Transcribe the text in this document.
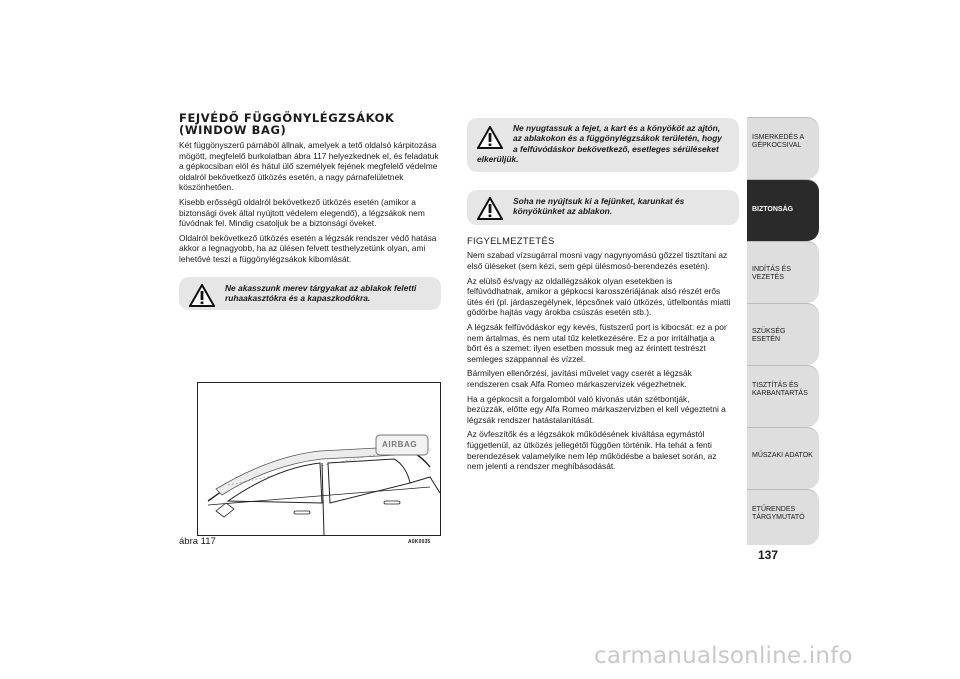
FEJVÉDŐ FÜGGÖNYLÉGZSÁKOK
(WINDOW BAG)

Két függönyszerű párnából állnak, amelyek a tető oldalsó kárpitozása
mögött, megfelelő burkolatban ábra 117 helyezkednek el, és feladatuk
a gépkocsiban elöl és hátul ülő személyek fejének megfelelő védelme
oldalról bekövetkező ütközés esetén, a nagy párnafelületnek
köszönhetően.

Kisebb erősségű oldalról bekövetkező ütközés esetén (amikor a
biztonsági övek által nyújtott védelem elegendő), a légzsákok nem
fúvódnak fel. Mindig csatoljuk be a biztonsági öveket.

Oldalról bekövetkező ütközés esetén a légzsák rendszer védő hatása
akkor a legnagyobb, ha az ülésen felvett testhelyzetünk olyan, ami
lehetővé teszi a függönylégzsákok kibomlását.

Ne akasszunk merev tárgyakat az ablakok feletti
ruhaakasztókra és a kapaszkodókra.
AIRBAG
ábra 117	A0K0035
Ne nyugtassuk a fejet, a kart és a könyököt az ajtón,
az ablakokon és a függönylégzsákok területén, hogy
a felfúvódáskor bekövetkező, esetleges sérüléseket
elkerüljük.
Soha ne nyújtsuk ki a fejünket, karunkat és
könyökünket az ablakon.
FIGYELMEZTETÉS

Nem szabad vízsugárral mosni vagy nagynyomású gőzzel tisztítani az
első üléseket (sem kézi, sem gépi ülésmosó-berendezés esetén).

Az elülső és/vagy az oldallégzsákok olyan esetekben is
felfúvódhatnak, amikor a gépkocsi karosszériájának alsó részét erős
ütés éri (pl. járdaszegélynek, lépcsőnek való ütközés, útfelbontás miatti
gödörbe hajtás vagy árokba csúszás esetén stb.).

A légzsák felfúvódáskor egy kevés, füstszerű port is kibocsát: ez a por
nem ártalmas, és nem utal tűz keletkezésére. Ez a por irritálhatja a
bőrt és a szemet: ilyen esetben mossuk meg az érintett testrészt
semleges szappannal és vízzel.

Bármilyen ellenőrzési, javítási művelet vagy cserét a légzsák
rendszeren csak Alfa Romeo márkaszervizek végezhetnek.

Ha a gépkocsit a forgalomból való kivonás után szétbontják,
bezúzzák, előtte egy Alfa Romeo márkaszervizben el kell végeztetni a
légzsák rendszer hatástalanítását.

Az övfeszítők és a légzsákok működésének kiváltása egymástól
függetlenül, az ütközés jellegétől függően történik. Ha tehát a fenti
berendezések valamelyike nem lép működésbe a baleset során, az
nem jelenti a rendszer meghibásodását.

ISMERKEDÉS A
GÉPKOCSIVAL
BIZTONSÁG
INDÍTÁS ÉS VEZETÉS
SZÜKSÉG ESETÉN
TISZTÍTÁS ÉS
KARBANTARTÁS
MŰSZAKI ADATOK
ETŰRENDES
TÁRGYMUTATÓ
137
carmanualsonline.info
